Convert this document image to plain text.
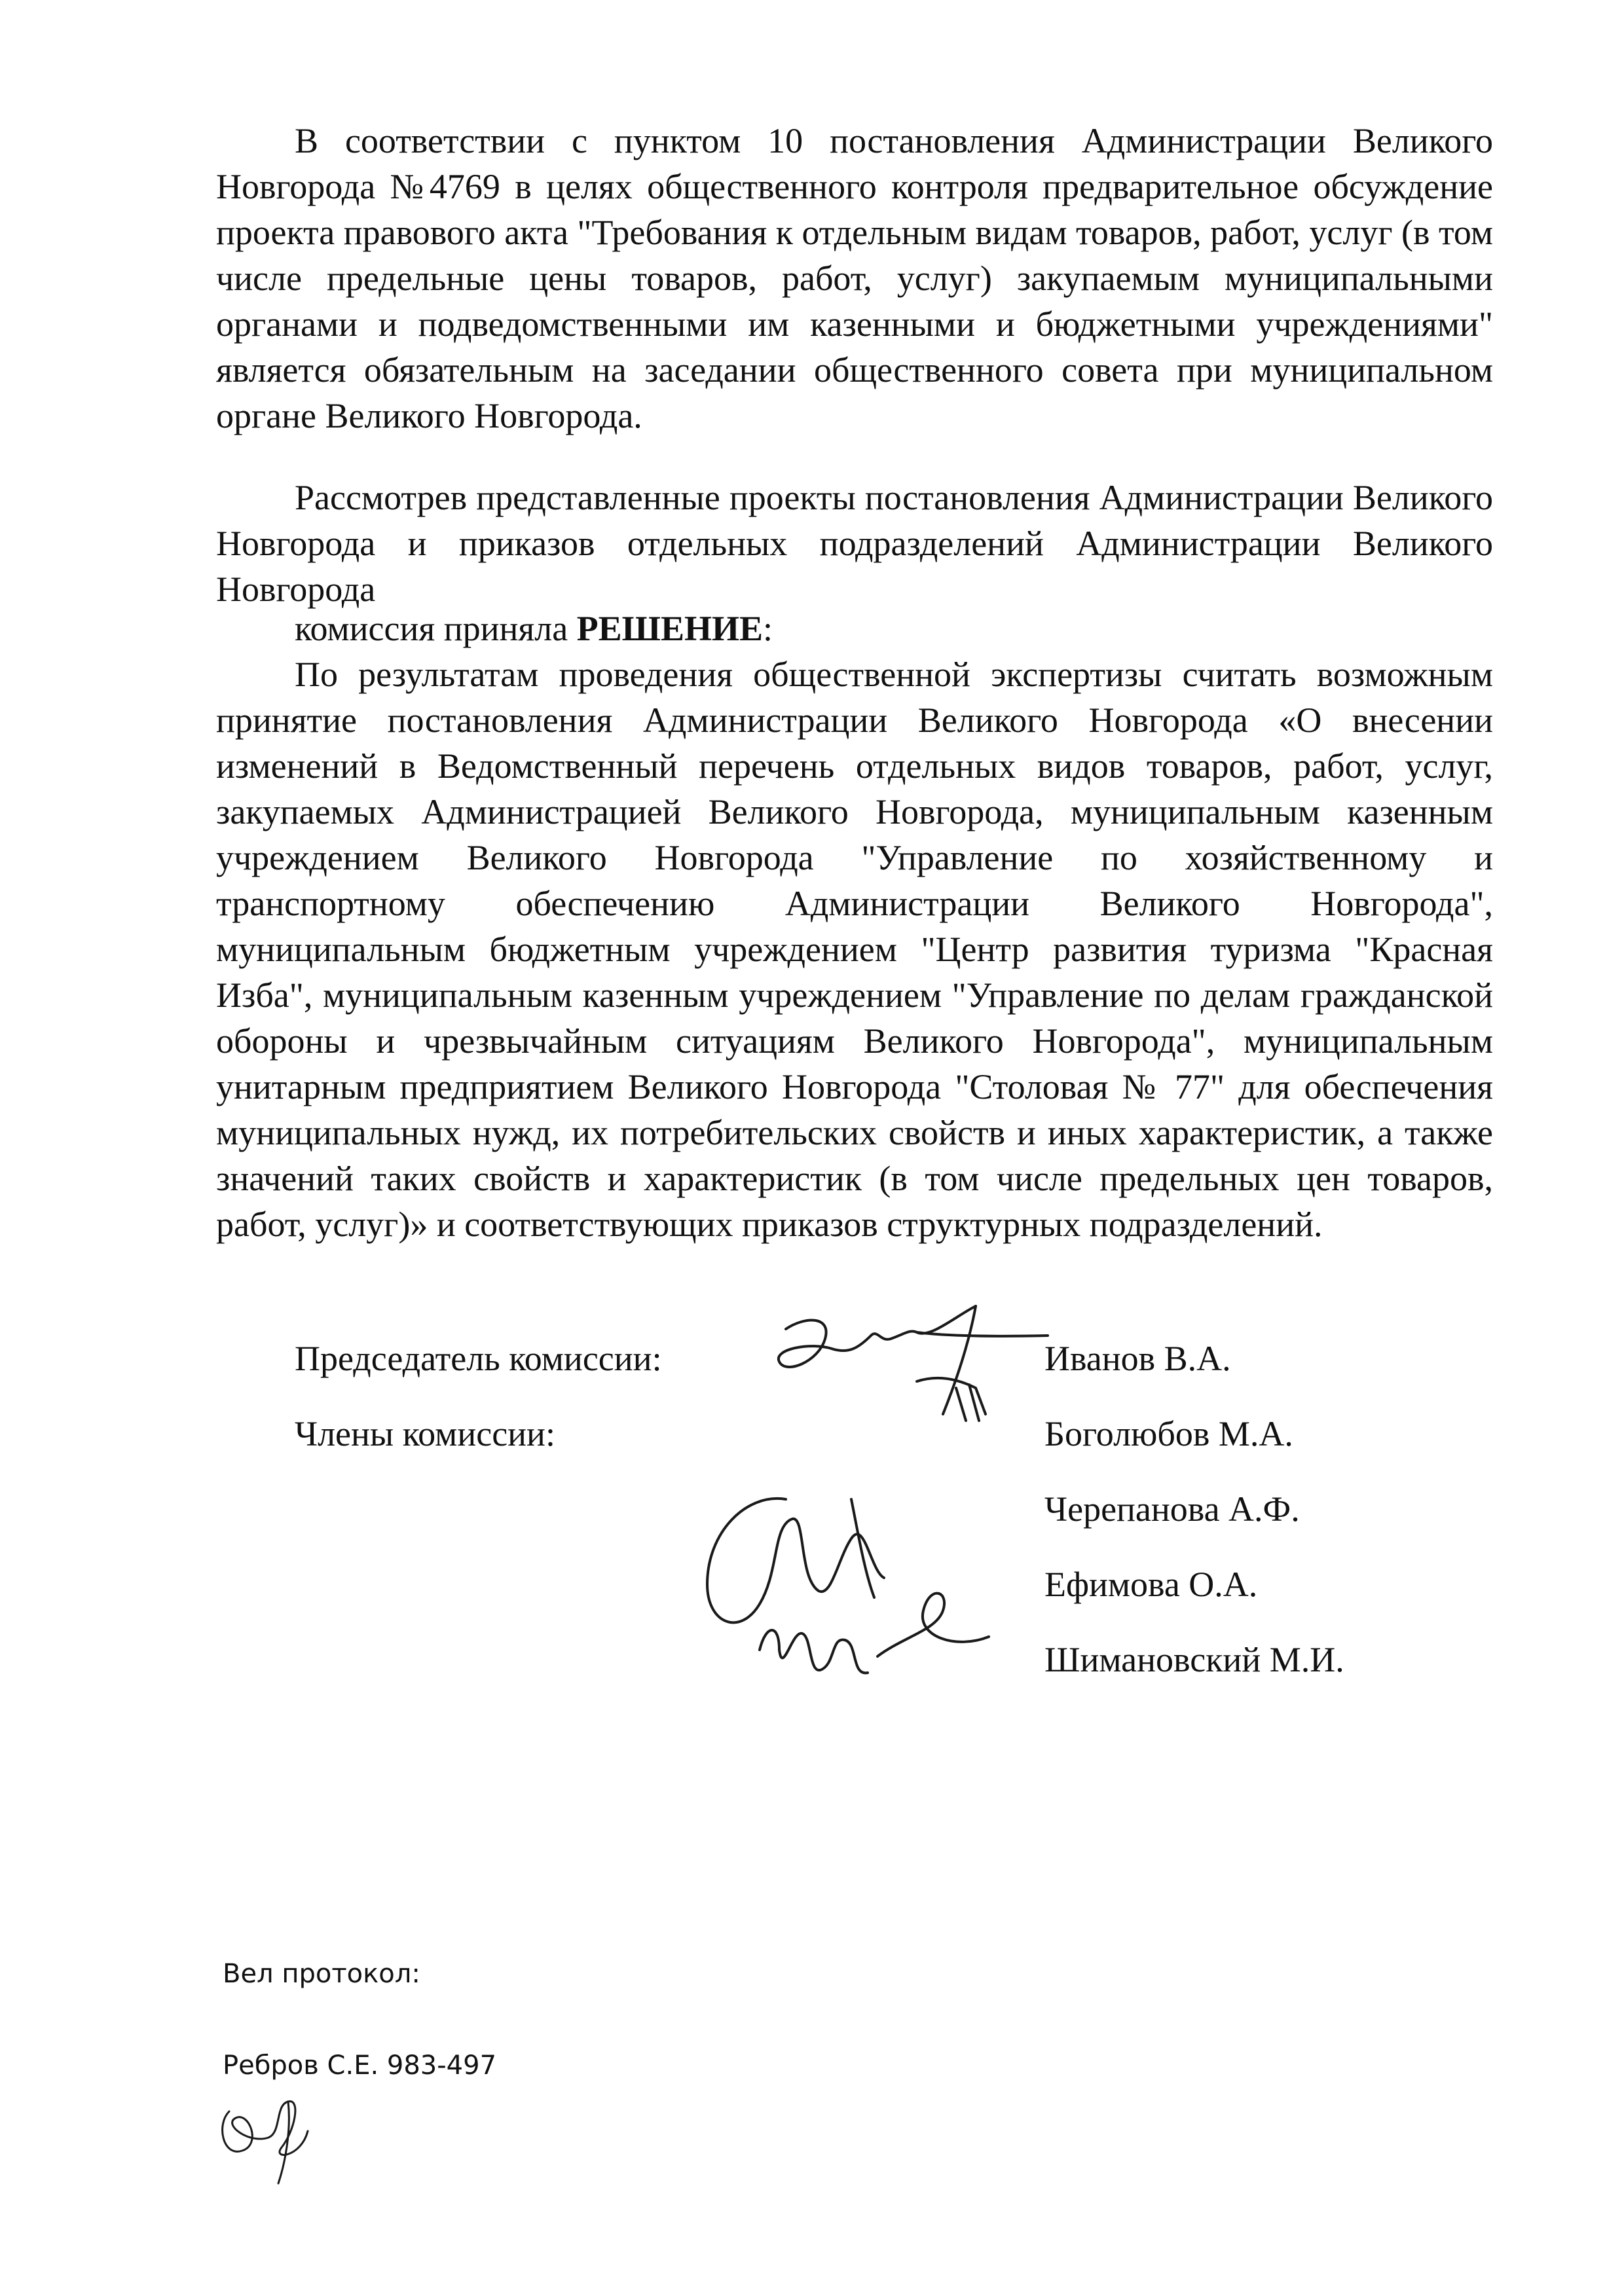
В соответствии с пунктом 10 постановления Администрации Великого Новгорода №4769 в целях общественного контроля предварительное обсуждение проекта правового акта "Требования к отдельным видам товаров, работ, услуг (в том числе предельные цены товаров, работ, услуг) закупаемым муниципальными органами и подведомственными им казенными и бюджетными учреждениями" является обязательным на заседании общественного совета при муниципальном органе Великого Новгорода.
Рассмотрев представленные проекты постановления Администрации Великого Новгорода и приказов отдельных подразделений Администрации Великого Новгорода
комиссия приняла РЕШЕНИЕ:
По результатам проведения общественной экспертизы считать возможным принятие постановления Администрации Великого Новгорода «О внесении изменений в Ведомственный перечень отдельных видов товаров, работ, услуг, закупаемых Администрацией Великого Новгорода, муниципальным казенным учреждением Великого Новгорода "Управление по хозяйственному и транспортному обеспечению Администрации Великого Новгорода", муниципальным бюджетным учреждением "Центр развития туризма "Красная Изба", муниципальным казенным учреждением "Управление по делам гражданской обороны и чрезвычайным ситуациям Великого Новгорода", муниципальным унитарным предприятием Великого Новгорода "Столовая № 77" для обеспечения муниципальных нужд, их потребительских свойств и иных характеристик, а также значений таких свойств и характеристик (в том числе предельных цен товаров, работ, услуг)» и соответствующих приказов структурных подразделений.
Председатель комиссии:
Члены комиссии:
Иванов В.А.
Боголюбов М.А.
Черепанова А.Ф.
Ефимова О.А.
Шимановский М.И.
Вел протокол:
Ребров С.Е. 983-497
